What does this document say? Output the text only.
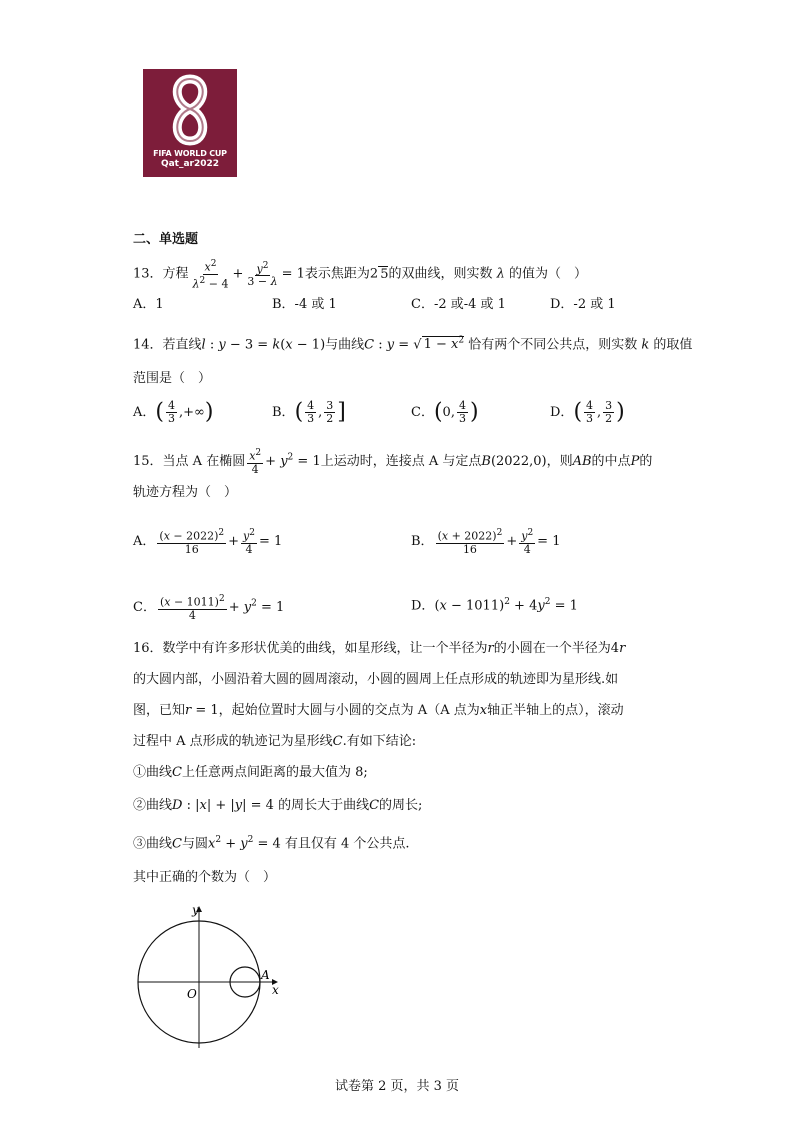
FIFA WORLD CUP
Qat_ar2022
二、单选题
13．方程 $\frac{x^2}{\lambda^2 - 4} + \frac{y^2}{3 - \lambda} = 1$表示焦距为2 5的双曲线，则实数 λ 的值为（　）
A．1	B．-4 或 1	C．-2 或-4 或 1	D．-2 或 1
14．若直线l : y − 3 = k(x − 1)与曲线C : y = √ $1 - x^2$ 恰有两个不同公共点，则实数 k 的取值
范围是（　）
A．( $\frac{4}{3}$ ,+∞)	B．( $\frac{4}{3}$ , $\frac{3}{2}$ ]	C．(0, $\frac{4}{3}$ )	D．( $\frac{4}{3}$ , $\frac{3}{2}$ )
15．当点 A 在椭圆 $\frac{x^2}{4} + y^2 = 1$上运动时，连接点 A 与定点B(2022,0)，则AB的中点P的
轨迹方程为（　）
A． $\frac{(x - 2022)^2}{16} + \frac{y^2}{4} = 1$	B． $\frac{(x + 2022)^2}{16} + \frac{y^2}{4} = 1$
C． $\frac{(x - 1011)^2}{4} + y^2 = 1$	D．$(x - 1011)^2 + 4y^2 = 1$
16．数学中有许多形状优美的曲线，如星形线，让一个半径为r的小圆在一个半径为4r
的大圆内部，小圆沿着大圆的圆周滚动，小圆的圆周上任点形成的轨迹即为星形线.如
图，已知r = 1，起始位置时大圆与小圆的交点为 A（A 点为x轴正半轴上的点），滚动
过程中 A 点形成的轨迹记为星形线C.有如下结论:
①曲线C上任意两点间距离的最大值为 8;
②曲线D : |x| + |y| = 4 的周长大于曲线C的周长;
③曲线C与圆$x^2 + y^2 = 4$ 有且仅有 4 个公共点.
其中正确的个数为（　）
y
x
O
A
试卷第 2 页，共 3 页
